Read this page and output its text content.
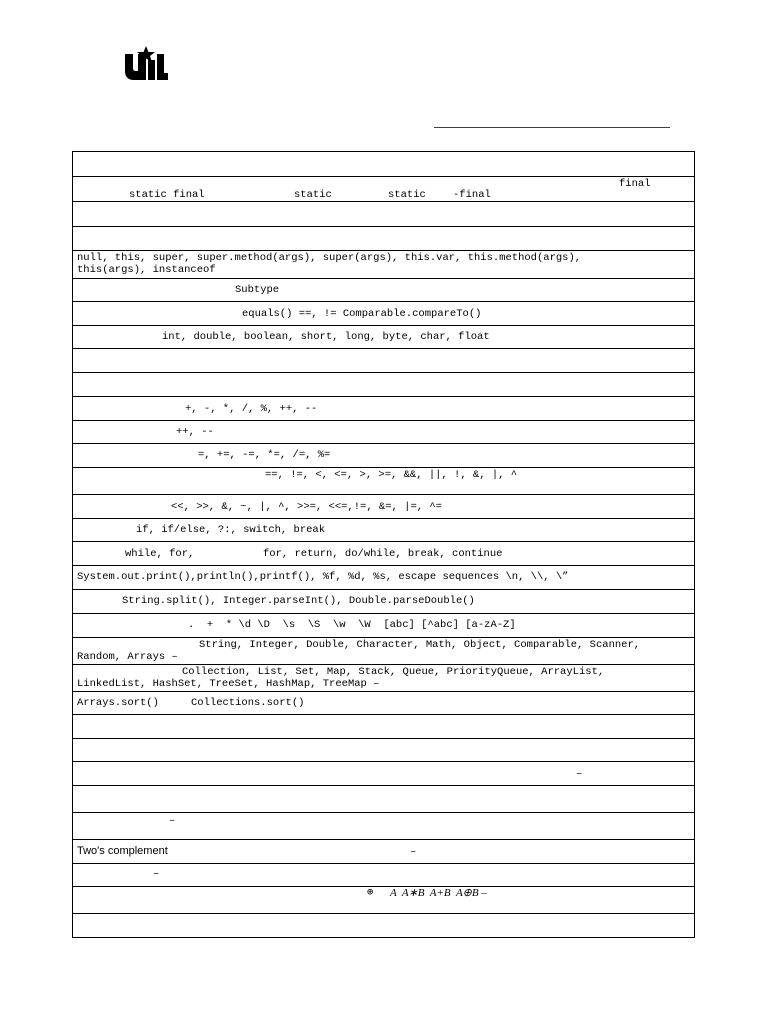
final
static final	static	static	-final
null, this, super, super.method(args), super(args), this.var, this.method(args),
this(args), instanceof
Subtype
equals() ==, != Comparable.compareTo()
int, double, boolean, short, long, byte, char, float
+, -, *, /, %, ++, --
++, --
=, +=, -=, *=, /=, %=
==, !=, <, <=, >, >=, &&, ||, !, &, |, ^
<<, >>, &, ~, |, ^, >>=, <<=,!=, &=, |=, ^=
if, if/else, ?:, switch, break
while, for,	for, return, do/while, break, continue
System.out.print(),println(),printf(), %f, %d, %s, escape sequences \n, \\, \”
String.split(), Integer.parseInt(), Double.parseDouble()
.  +  * \d \D  \s  \S  \w  \W  [abc] [^abc] [a-zA-Z]
String, Integer, Double, Character, Math, Object, Comparable, Scanner,
Random, Arrays –
Collection, List, Set, Map, Stack, Queue, PriorityQueue, ArrayList,
LinkedList, HashSet, TreeSet, HashMap, TreeMap –
Arrays.sort()	Collections.sort()
–
–
Two's complement	–
–
⊕ A  A∗B  A+B  A⊕B –
